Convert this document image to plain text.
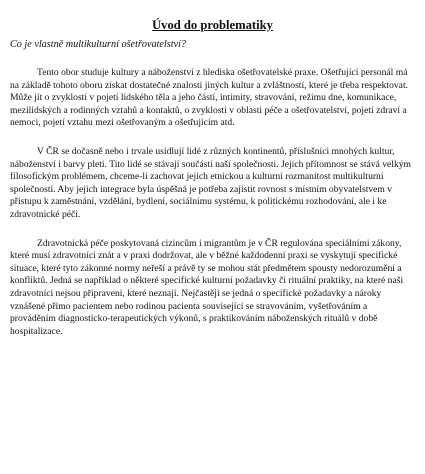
Úvod do problematiky

Co je vlastně multikulturní ošetřovatelství?

Tento obor studuje kultury a náboženství z hlediska ošetřovatelské praxe. Ošetřující personál má na základě tohoto oboru získat dostatečné znalosti jiných kultur a zvláštností, které je třeba respektovat. Může jít o zvyklosti v pojetí lidského těla a jeho částí, intimity, stravování, režimu dne, komunikace, mezilidských a rodinných vztahů a kontaktů, o zvyklosti v oblasti péče a ošetřovatelství, pojetí zdraví a nemoci, pojetí vztahu mezi ošetřovaným a ošetřujícím atd.

V ČR se dočasně nebo i trvale usídlují lidé z různých kontinentů, příslušníci mnohých kultur, náboženství i barvy pleti. Tito lidé se stávají součástí naší společnosti. Jejich přítomnost se stává velkým filosofickým problémem, chceme-li zachovat jejich etnickou a kulturní rozmanitost multikulturní společnosti. Aby jejich integrace byla úspěšná je potřeba zajistit rovnost s místním obyvatelstvem v přístupu k zaměstnání, vzdělání, bydlení, sociálnímu systému, k politickému rozhodování, ale i ke zdravotnické péči.

Zdravotnická péče poskytovaná cizincům i migrantům je v ČR regulována speciálními zákony, které musí zdravotníci znát a v praxi dodržovat, ale v běžné každodenní praxi se vyskytují specifické situace, které tyto zákonné normy neřeší a právě ty se mohou stát předmětem spousty nedorozumění a konfliktů. Jedná se například o některé specifické kulturní požadavky či rituální praktiky, na které naši zdravotníci nejsou připraveni, které neznají. Nejčastěji se jedná o specifické požadavky a nároky vznášené přímo pacientem nebo rodinou pacienta související se stravováním, vyšetřováním a prováděním diagnosticko-terapeutických výkonů, s praktikováním náboženských rituálů v době hospitalizace.
